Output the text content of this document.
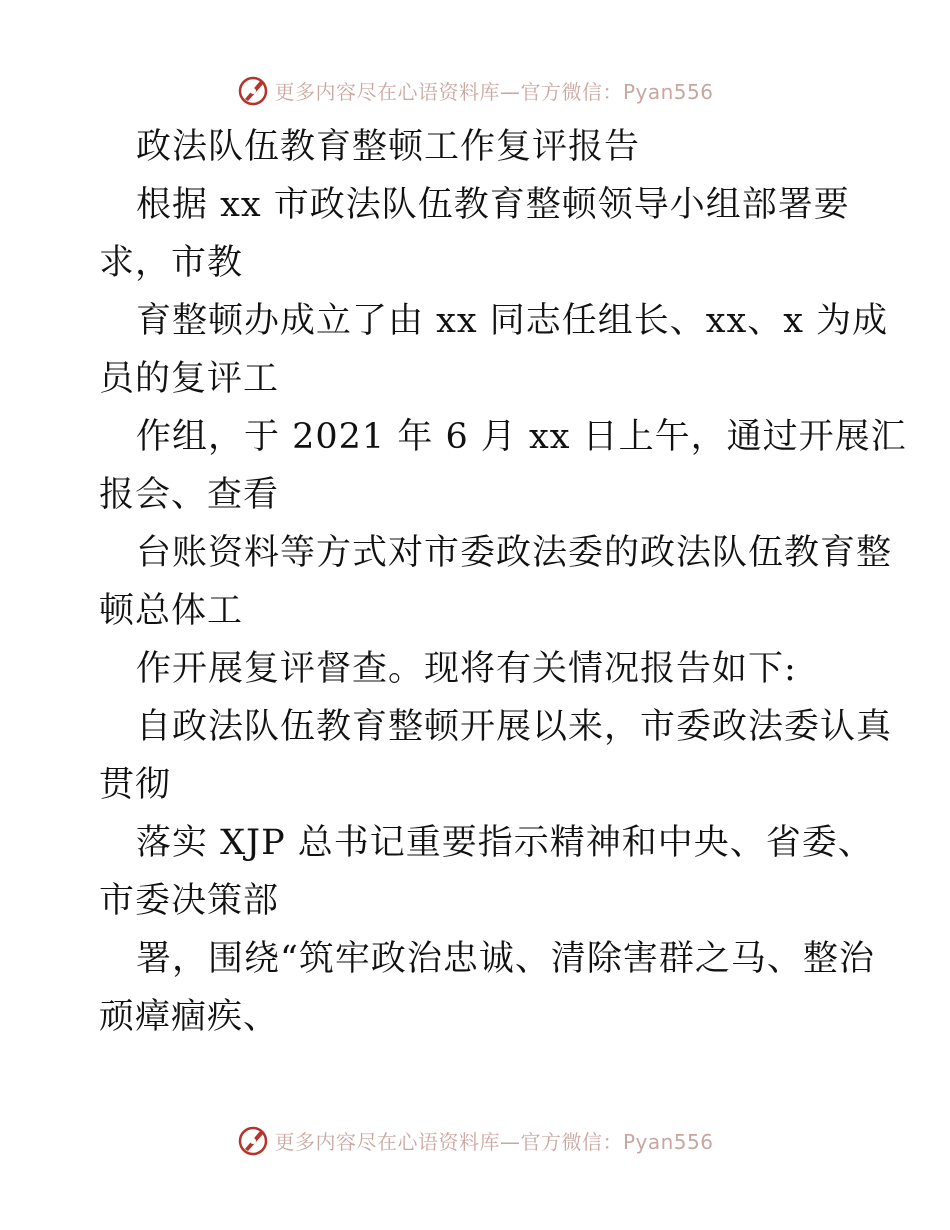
更多内容尽在心语资料库—官方微信：Pyan556
政法队伍教育整顿工作复评报告
根据 xx 市政法队伍教育整顿领导小组部署要
求，市教
育整顿办成立了由 xx 同志任组长、xx、x 为成
员的复评工
作组，于 2021 年 6 月 xx 日上午，通过开展汇
报会、查看
台账资料等方式对市委政法委的政法队伍教育整
顿总体工
作开展复评督查。现将有关情况报告如下:
自政法队伍教育整顿开展以来，市委政法委认真
贯彻
落实 XJP 总书记重要指示精神和中央、省委、
市委决策部
署，围绕“筑牢政治忠诚、清除害群之马、整治
顽瘴痼疾、
更多内容尽在心语资料库—官方微信：Pyan556
